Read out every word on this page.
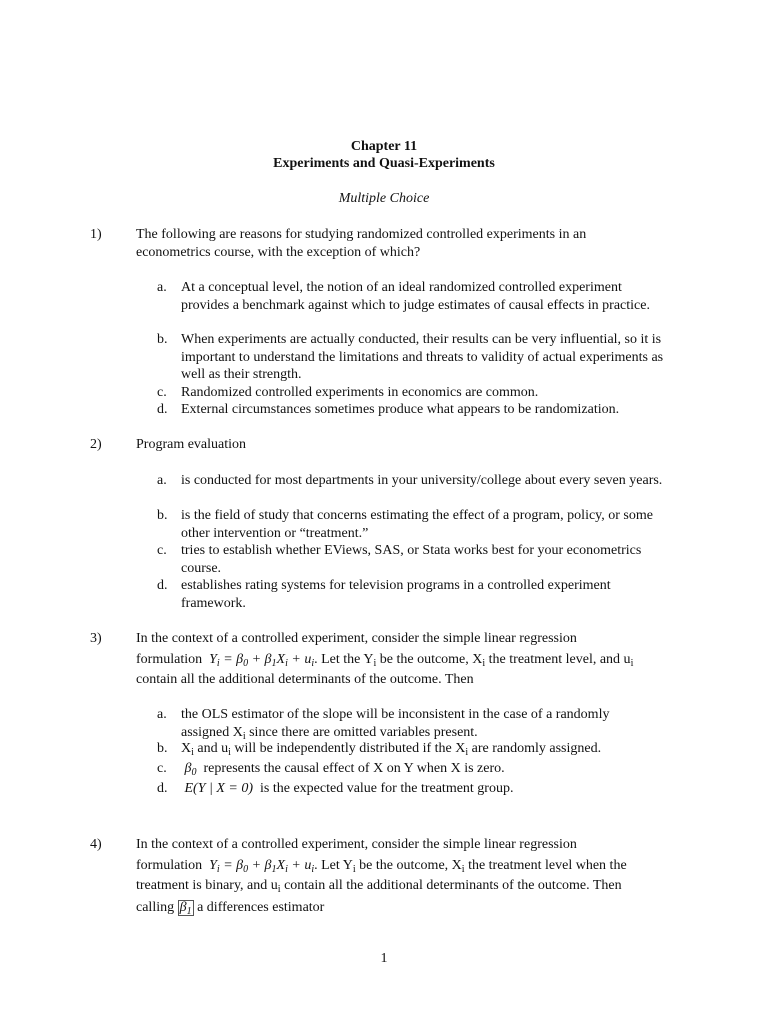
Chapter 11
Experiments and Quasi-Experiments
Multiple Choice
1) The following are reasons for studying randomized controlled experiments in an econometrics course, with the exception of which?
a. At a conceptual level, the notion of an ideal randomized controlled experiment provides a benchmark against which to judge estimates of causal effects in practice.
b. When experiments are actually conducted, their results can be very influential, so it is important to understand the limitations and threats to validity of actual experiments as well as their strength.
c. Randomized controlled experiments in economics are common.
d. External circumstances sometimes produce what appears to be randomization.
2) Program evaluation
a. is conducted for most departments in your university/college about every seven years.
b. is the field of study that concerns estimating the effect of a program, policy, or some other intervention or “treatment.”
c. tries to establish whether EViews, SAS, or Stata works best for your econometrics course.
d. establishes rating systems for television programs in a controlled experiment framework.
3) In the context of a controlled experiment, consider the simple linear regression
formulation  $Y_i = \beta_0 + \beta_1X_i + u_i$. Let the $Y_i$ be the outcome, $X_i$ the treatment level, and $u_i$
contain all the additional determinants of the outcome. Then
a. the OLS estimator of the slope will be inconsistent in the case of a randomly
assigned $X_i$ since there are omitted variables present.
b. $X_i$ and $u_i$ will be independently distributed if the $X_i$ are randomly assigned.
c. $\beta_0$ represents the causal effect of X on Y when X is zero.
d. E(Y | X = 0)  is the expected value for the treatment group.
4) In the context of a controlled experiment, consider the simple linear regression
formulation  $Y_i = \beta_0 + \beta_1X_i + u_i$. Let $Y_i$ be the outcome, $X_i$ the treatment level when the
treatment is binary, and $u_i$ contain all the additional determinants of the outcome. Then
calling $\beta_1$ a differences estimator
1
